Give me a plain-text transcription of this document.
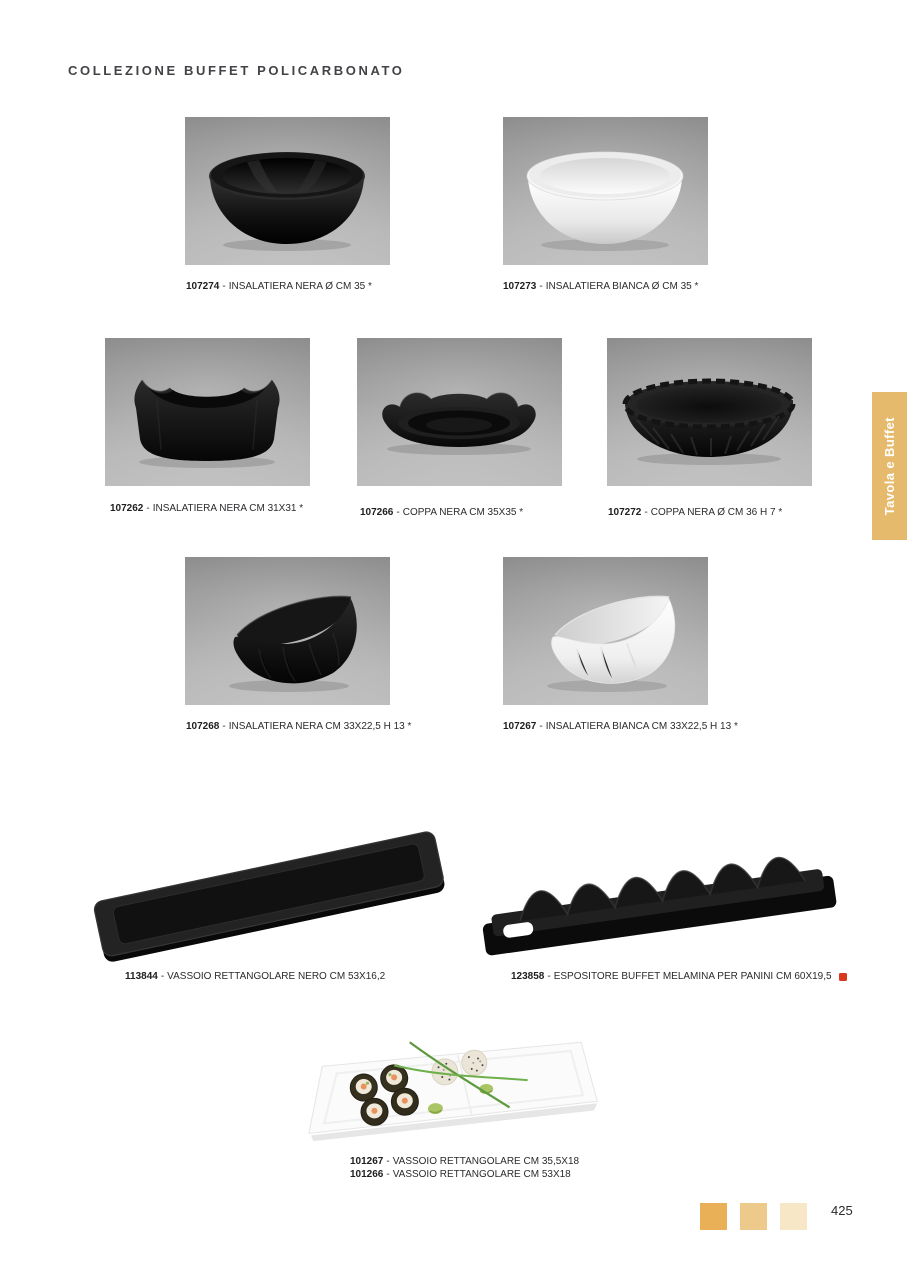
COLLEZIONE BUFFET POLICARBONATO
107274 - INSALATIERA NERA Ø CM 35 *	107273 - INSALATIERA BIANCA Ø CM 35 *
107262 - INSALATIERA NERA CM 31X31 *	107266 - COPPA NERA CM 35X35 *	107272 - COPPA NERA Ø CM 36 H 7 *
107268 - INSALATIERA NERA CM 33X22,5 H 13 *	107267 - INSALATIERA BIANCA CM 33X22,5 H 13 *
113844 - VASSOIO RETTANGOLARE NERO CM 53X16,2	123858 - ESPOSITORE BUFFET MELAMINA PER PANINI CM 60X19,5
101267 - VASSOIO RETTANGOLARE CM 35,5X18
101266 - VASSOIO RETTANGOLARE CM 53X18
Tavola e Buffet
425
